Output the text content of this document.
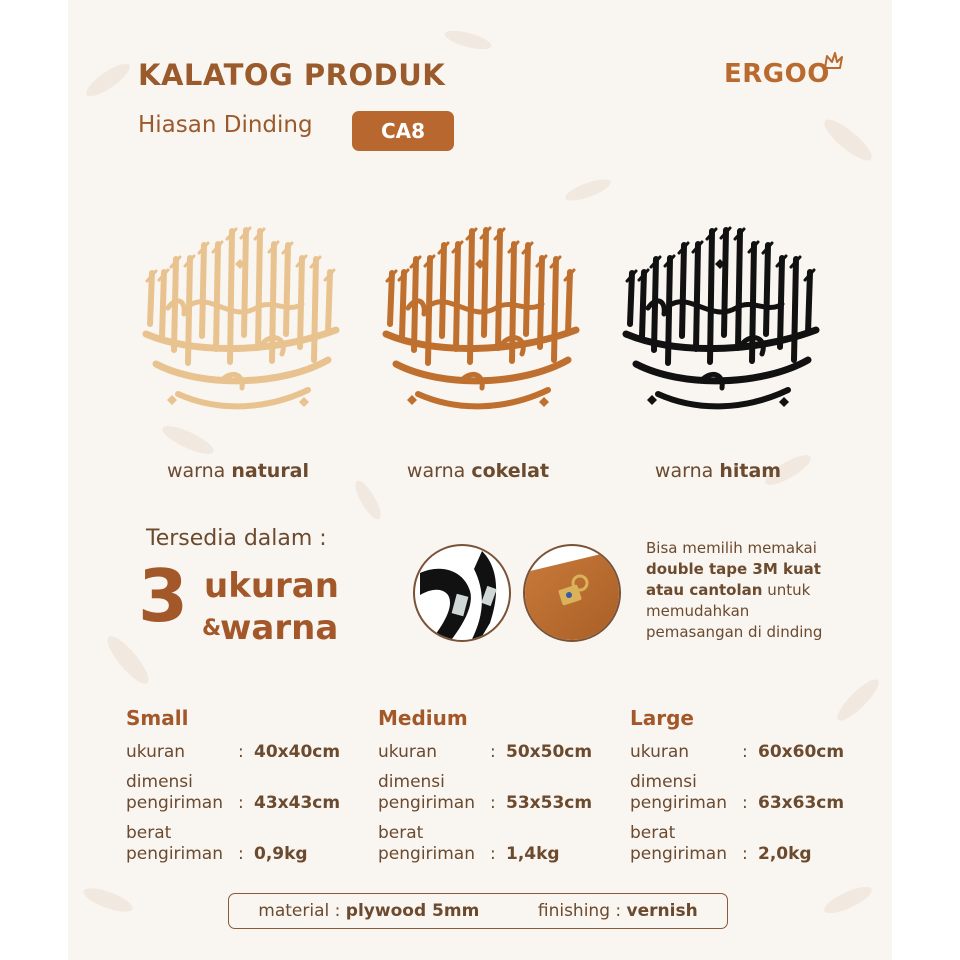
KALATOG PRODUK
Hiasan Dinding	CA8
ERGOO
warna natural	warna cokelat	warna hitam
Tersedia dalam :
3 ukuran
&
warna
Bisa memilih memakai
double tape 3M kuat
atau cantolan untuk
memudahkan
pemasangan di dinding
Small
ukuran	: 40x40cm
dimensi
pengiriman : 43x43cm
berat
pengiriman : 0,9kg
Medium
ukuran	: 50x50cm
dimensi
pengiriman : 53x53cm
berat
pengiriman : 1,4kg
Large
ukuran	: 60x60cm
dimensi
pengiriman : 63x63cm
berat
pengiriman : 2,0kg
material : plywood 5mm	finishing : vernish
